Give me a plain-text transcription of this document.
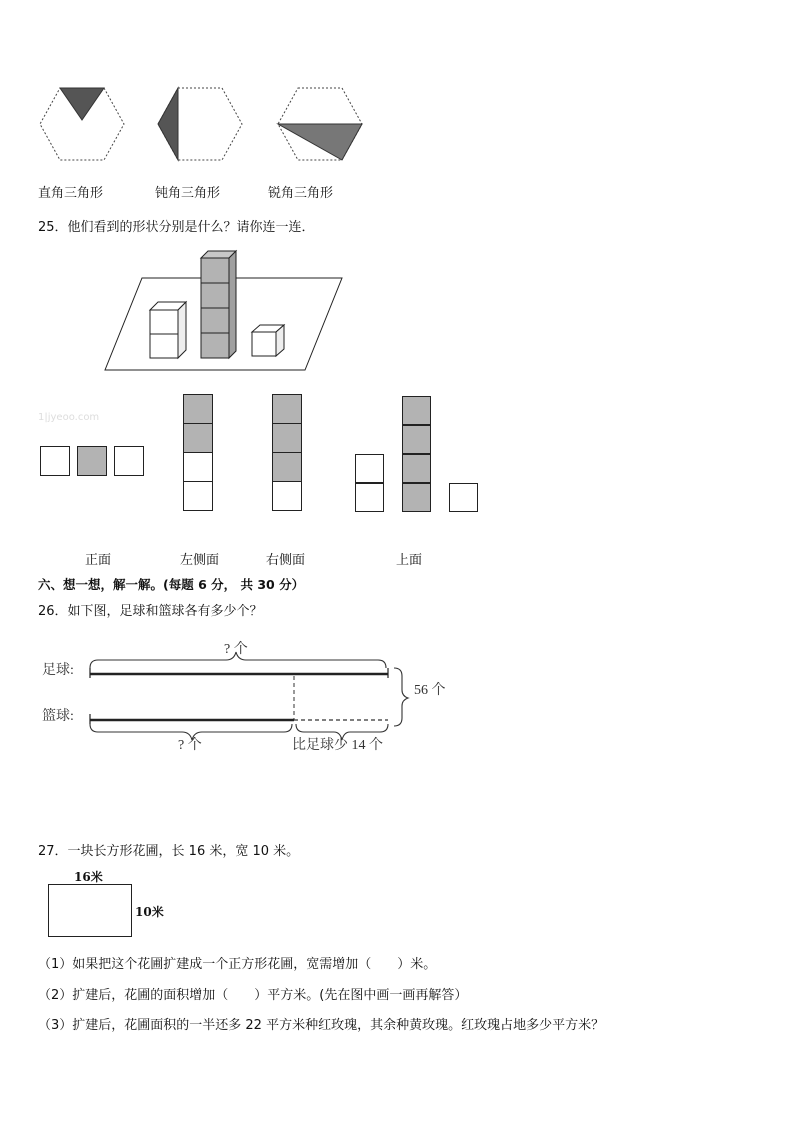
直角三角形	钝角三角形	锐角三角形
25．他们看到的形状分别是什么？请你连一连．
1|jyeoo.com
正面	左侧面	右侧面	上面
六、想一想，解一解。(每题 6 分， 共 30 分）
26．如下图，足球和篮球各有多少个？
足球:
篮球:
? 个
56 个
? 个	比足球少 14 个
27．一块长方形花圃，长 16 米，宽 10 米。
16米
10米
（1）如果把这个花圃扩建成一个正方形花圃，宽需增加（　　）米。
（2）扩建后，花圃的面积增加（　　）平方米。(先在图中画一画再解答）
（3）扩建后，花圃面积的一半还多 22 平方米种红玫瑰，其余种黄玫瑰。红玫瑰占地多少平方米？
